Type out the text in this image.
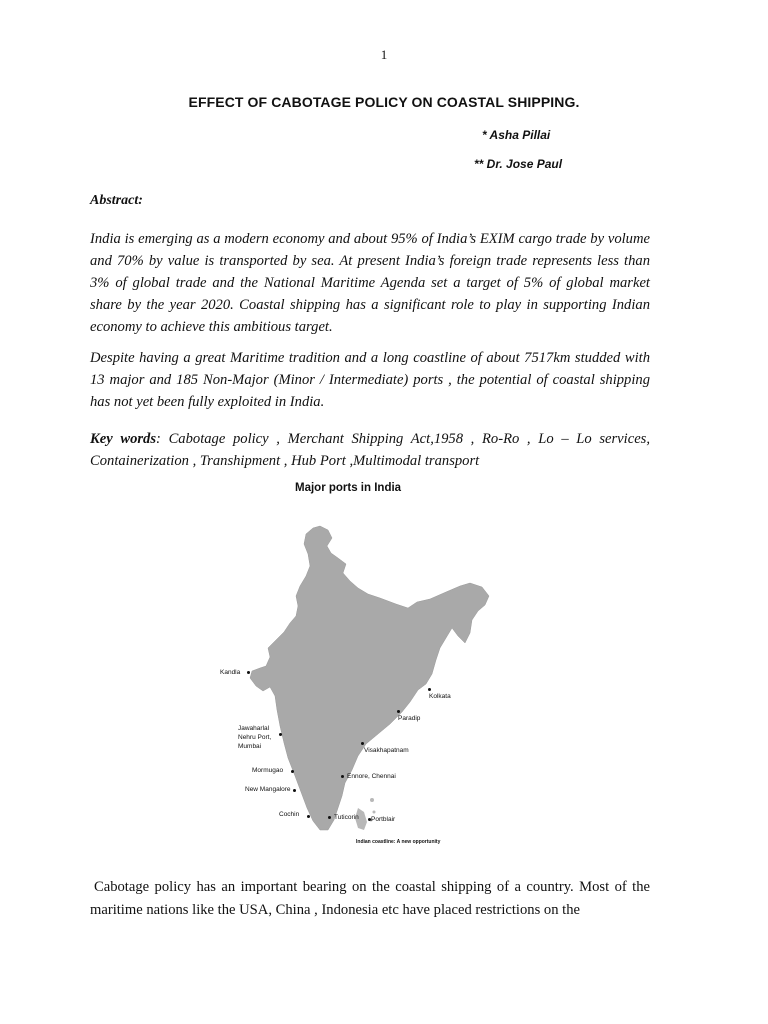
1
EFFECT OF CABOTAGE POLICY ON COASTAL SHIPPING.
* Asha Pillai
** Dr. Jose Paul
Abstract:

India is emerging as a modern economy and about 95% of India’s EXIM cargo trade by volume and 70% by value is transported by sea. At present India’s foreign trade represents less than 3% of global trade and the National Maritime Agenda set a target of 5% of global market share by the year 2020. Coastal shipping has a significant role to play in supporting Indian economy to achieve this ambitious target.

Despite having a great Maritime tradition and a long coastline of about 7517km studded with 13 major and 185 Non-Major (Minor / Intermediate) ports , the potential of coastal shipping has not yet been fully exploited in India.

Key words: Cabotage policy , Merchant Shipping Act,1958 , Ro-Ro , Lo – Lo services, Containerization , Transhipment , Hub Port ,Multimodal transport

Major ports in India
Kandla
Kolkata
Paradip
Jawaharlal
Nehru Port,
Mumbai
Visakhapatnam
Mormugao
Ennore, Chennai
New Mangalore
Cochin	Tuticorin Portblair
Indian coastline: A new opportunity

Cabotage policy has an important bearing on the coastal shipping of a country. Most of the maritime nations like the USA, China , Indonesia etc have placed restrictions on the
